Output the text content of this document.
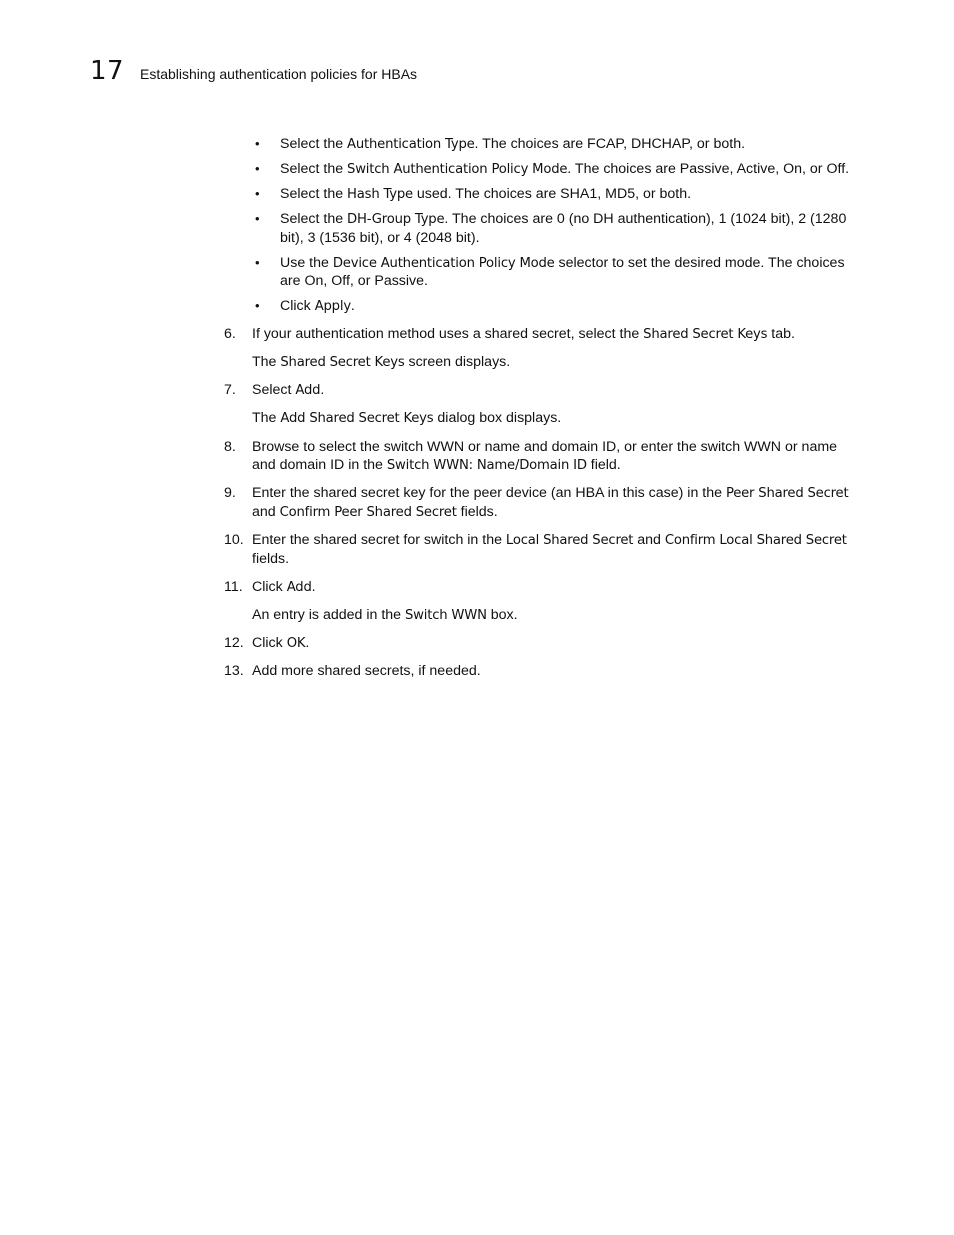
17 Establishing authentication policies for HBAs
• Select the Authentication Type. The choices are FCAP, DHCHAP, or both.
• Select the Switch Authentication Policy Mode. The choices are Passive, Active, On, or Off.
• Select the Hash Type used. The choices are SHA1, MD5, or both.
• Select the DH-Group Type. The choices are 0 (no DH authentication), 1 (1024 bit), 2 (1280
bit), 3 (1536 bit), or 4 (2048 bit).
• Use the Device Authentication Policy Mode selector to set the desired mode. The choices
are On, Off, or Passive.
• Click Apply.
6. If your authentication method uses a shared secret, select the Shared Secret Keys tab.
The Shared Secret Keys screen displays.
7. Select Add.
The Add Shared Secret Keys dialog box displays.
8. Browse to select the switch WWN or name and domain ID, or enter the switch WWN or name
and domain ID in the Switch WWN: Name/Domain ID field.
9. Enter the shared secret key for the peer device (an HBA in this case) in the Peer Shared Secret
and Confirm Peer Shared Secret fields.
10. Enter the shared secret for switch in the Local Shared Secret and Confirm Local Shared Secret
fields.
11. Click Add.
An entry is added in the Switch WWN box.
12. Click OK.
13. Add more shared secrets, if needed.
